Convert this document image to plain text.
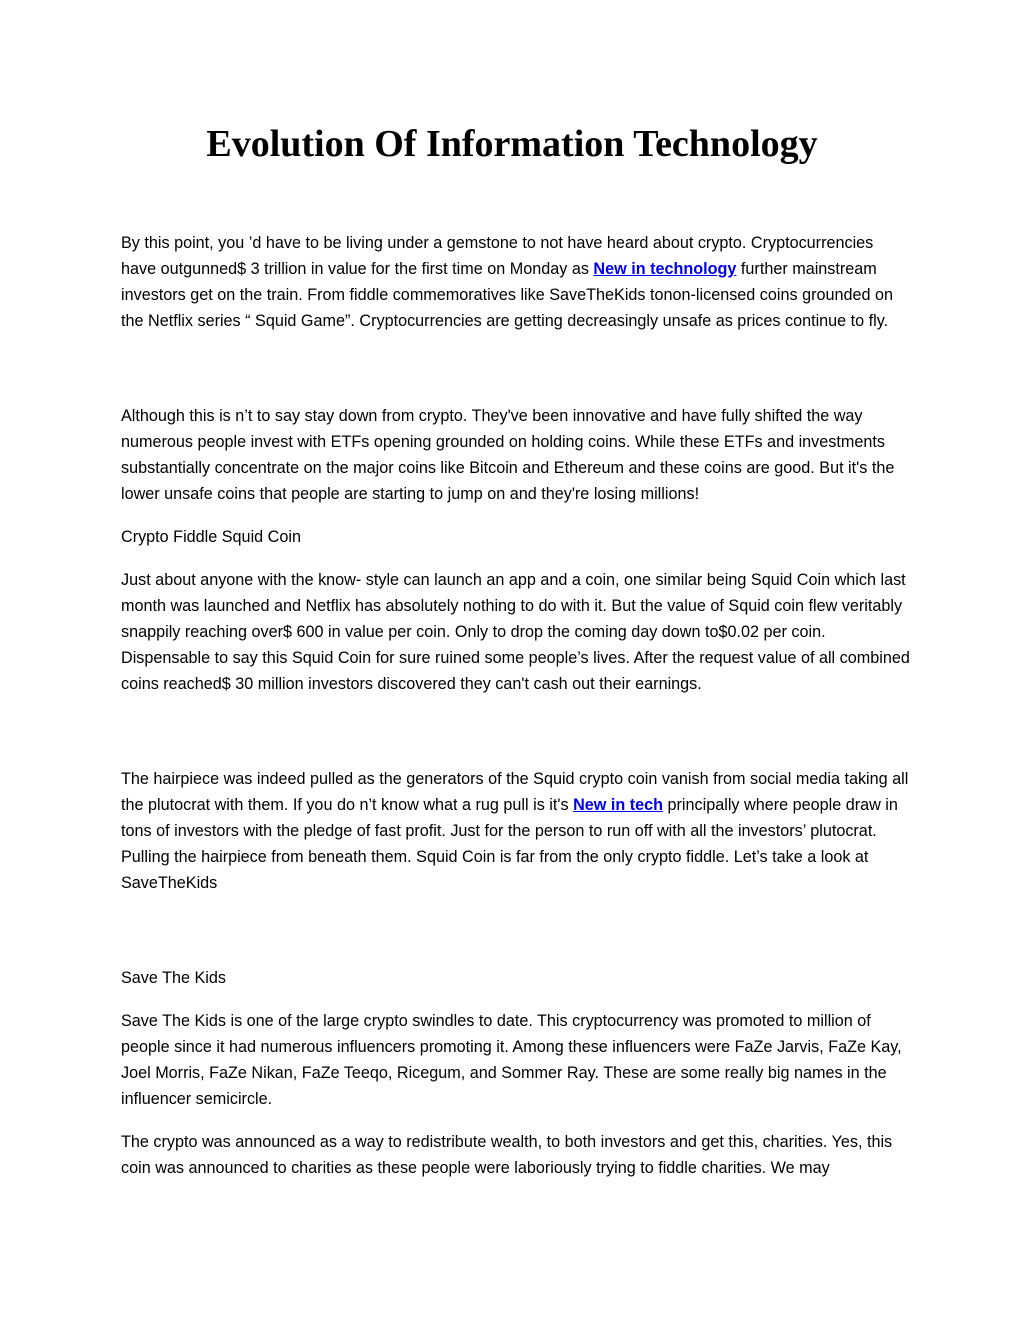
Evolution Of Information Technology

By this point, you ’d have to be living under a gemstone to not have heard about crypto. Cryptocurrencies have outgunned$ 3 trillion in value for the first time on Monday as New in technology further mainstream investors get on the train. From fiddle commemoratives like SaveTheKids tonon-licensed coins grounded on the Netflix series “ Squid Game”. Cryptocurrencies are getting decreasingly unsafe as prices continue to fly.

Although this is n’t to say stay down from crypto. They've been innovative and have fully shifted the way numerous people invest with ETFs opening grounded on holding coins. While these ETFs and investments substantially concentrate on the major coins like Bitcoin and Ethereum and these coins are good. But it's the lower unsafe coins that people are starting to jump on and they're losing millions!

Crypto Fiddle Squid Coin

Just about anyone with the know- style can launch an app and a coin, one similar being Squid Coin which last month was launched and Netflix has absolutely nothing to do with it. But the value of Squid coin flew veritably snappily reaching over$ 600 in value per coin. Only to drop the coming day down to$0.02 per coin. Dispensable to say this Squid Coin for sure ruined some people’s lives. After the request value of all combined coins reached$ 30 million investors discovered they can't cash out their earnings.

The hairpiece was indeed pulled as the generators of the Squid crypto coin vanish from social media taking all the plutocrat with them. If you do n’t know what a rug pull is it's New in tech principally where people draw in tons of investors with the pledge of fast profit. Just for the person to run off with all the investors’ plutocrat. Pulling the hairpiece from beneath them. Squid Coin is far from the only crypto fiddle. Let’s take a look at SaveTheKids

Save The Kids

Save The Kids is one of the large crypto swindles to date. This cryptocurrency was promoted to million of people since it had numerous influencers promoting it. Among these influencers were FaZe Jarvis, FaZe Kay, Joel Morris, FaZe Nikan, FaZe Teeqo, Ricegum, and Sommer Ray. These are some really big names in the influencer semicircle.

The crypto was announced as a way to redistribute wealth, to both investors and get this, charities. Yes, this coin was announced to charities as these people were laboriously trying to fiddle charities. We may
